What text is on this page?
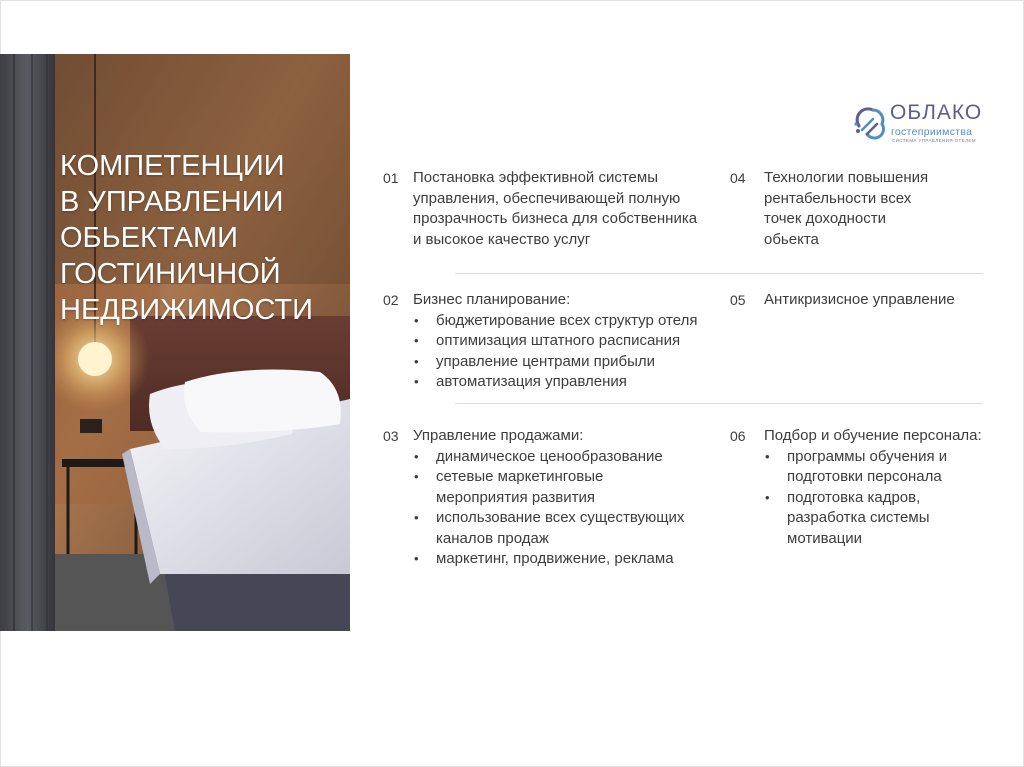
КОМПЕТЕНЦИИ
В УПРАВЛЕНИИ
ОБЬЕКТАМИ
ГОСТИНИЧНОЙ
НЕДВИЖИМОСТИ
ОБЛАКО
гостеприимства
СИСТЕМА УПРАВЛЕНИЯ ОТЕЛЕМ
01 Постановка эффективной системы
управления, обеспечивающей полную
прозрачность бизнеса для собственника
и высокое качество услуг
04 Технологии повышения
рентабельности всех
точек доходности
обьекта
02 Бизнес планирование:
• бюджетирование всех структур отеля
• оптимизация штатного расписания
• управление центрами прибыли
• автоматизация управления
05 Антикризисное управление
03 Управление продажами:
• динамическое ценообразование
• сетевые маркетинговые
мероприятия развития
• использование всех существующих
каналов продаж
• маркетинг, продвижение, реклама
06 Подбор и обучение персонала:
• программы обучения и
подготовки персонала
• подготовка кадров,
разработка системы
мотивации
